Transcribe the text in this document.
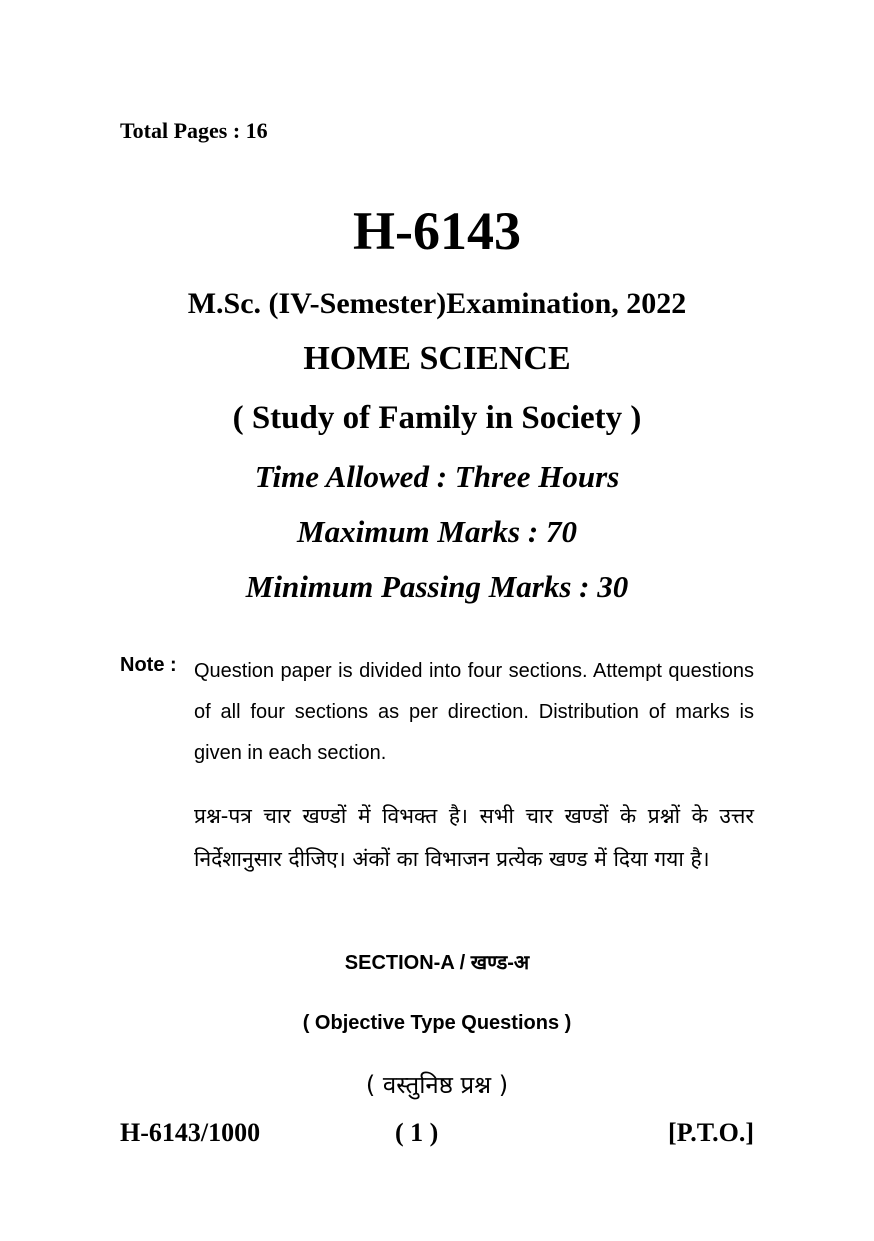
Total Pages : 16
H-6143
M.Sc. (IV-Semester)Examination, 2022
HOME SCIENCE
( Study of Family in Society )
Time Allowed : Three Hours
Maximum Marks : 70
Minimum Passing Marks : 30
Note : Question paper is divided into four sections. Attempt questions of all four sections as per direction. Distribution of marks is given in each section.
प्रश्न-पत्र चार खण्डों में विभक्त है। सभी चार खण्डों के प्रश्नों के उत्तर निर्देशानुसार दीजिए। अंकों का विभाजन प्रत्येक खण्ड में दिया गया है।
SECTION-A / खण्ड-अ
( Objective Type Questions )
( वस्तुनिष्ठ प्रश्न )
H-6143/1000	( 1 )	[P.T.O.]
